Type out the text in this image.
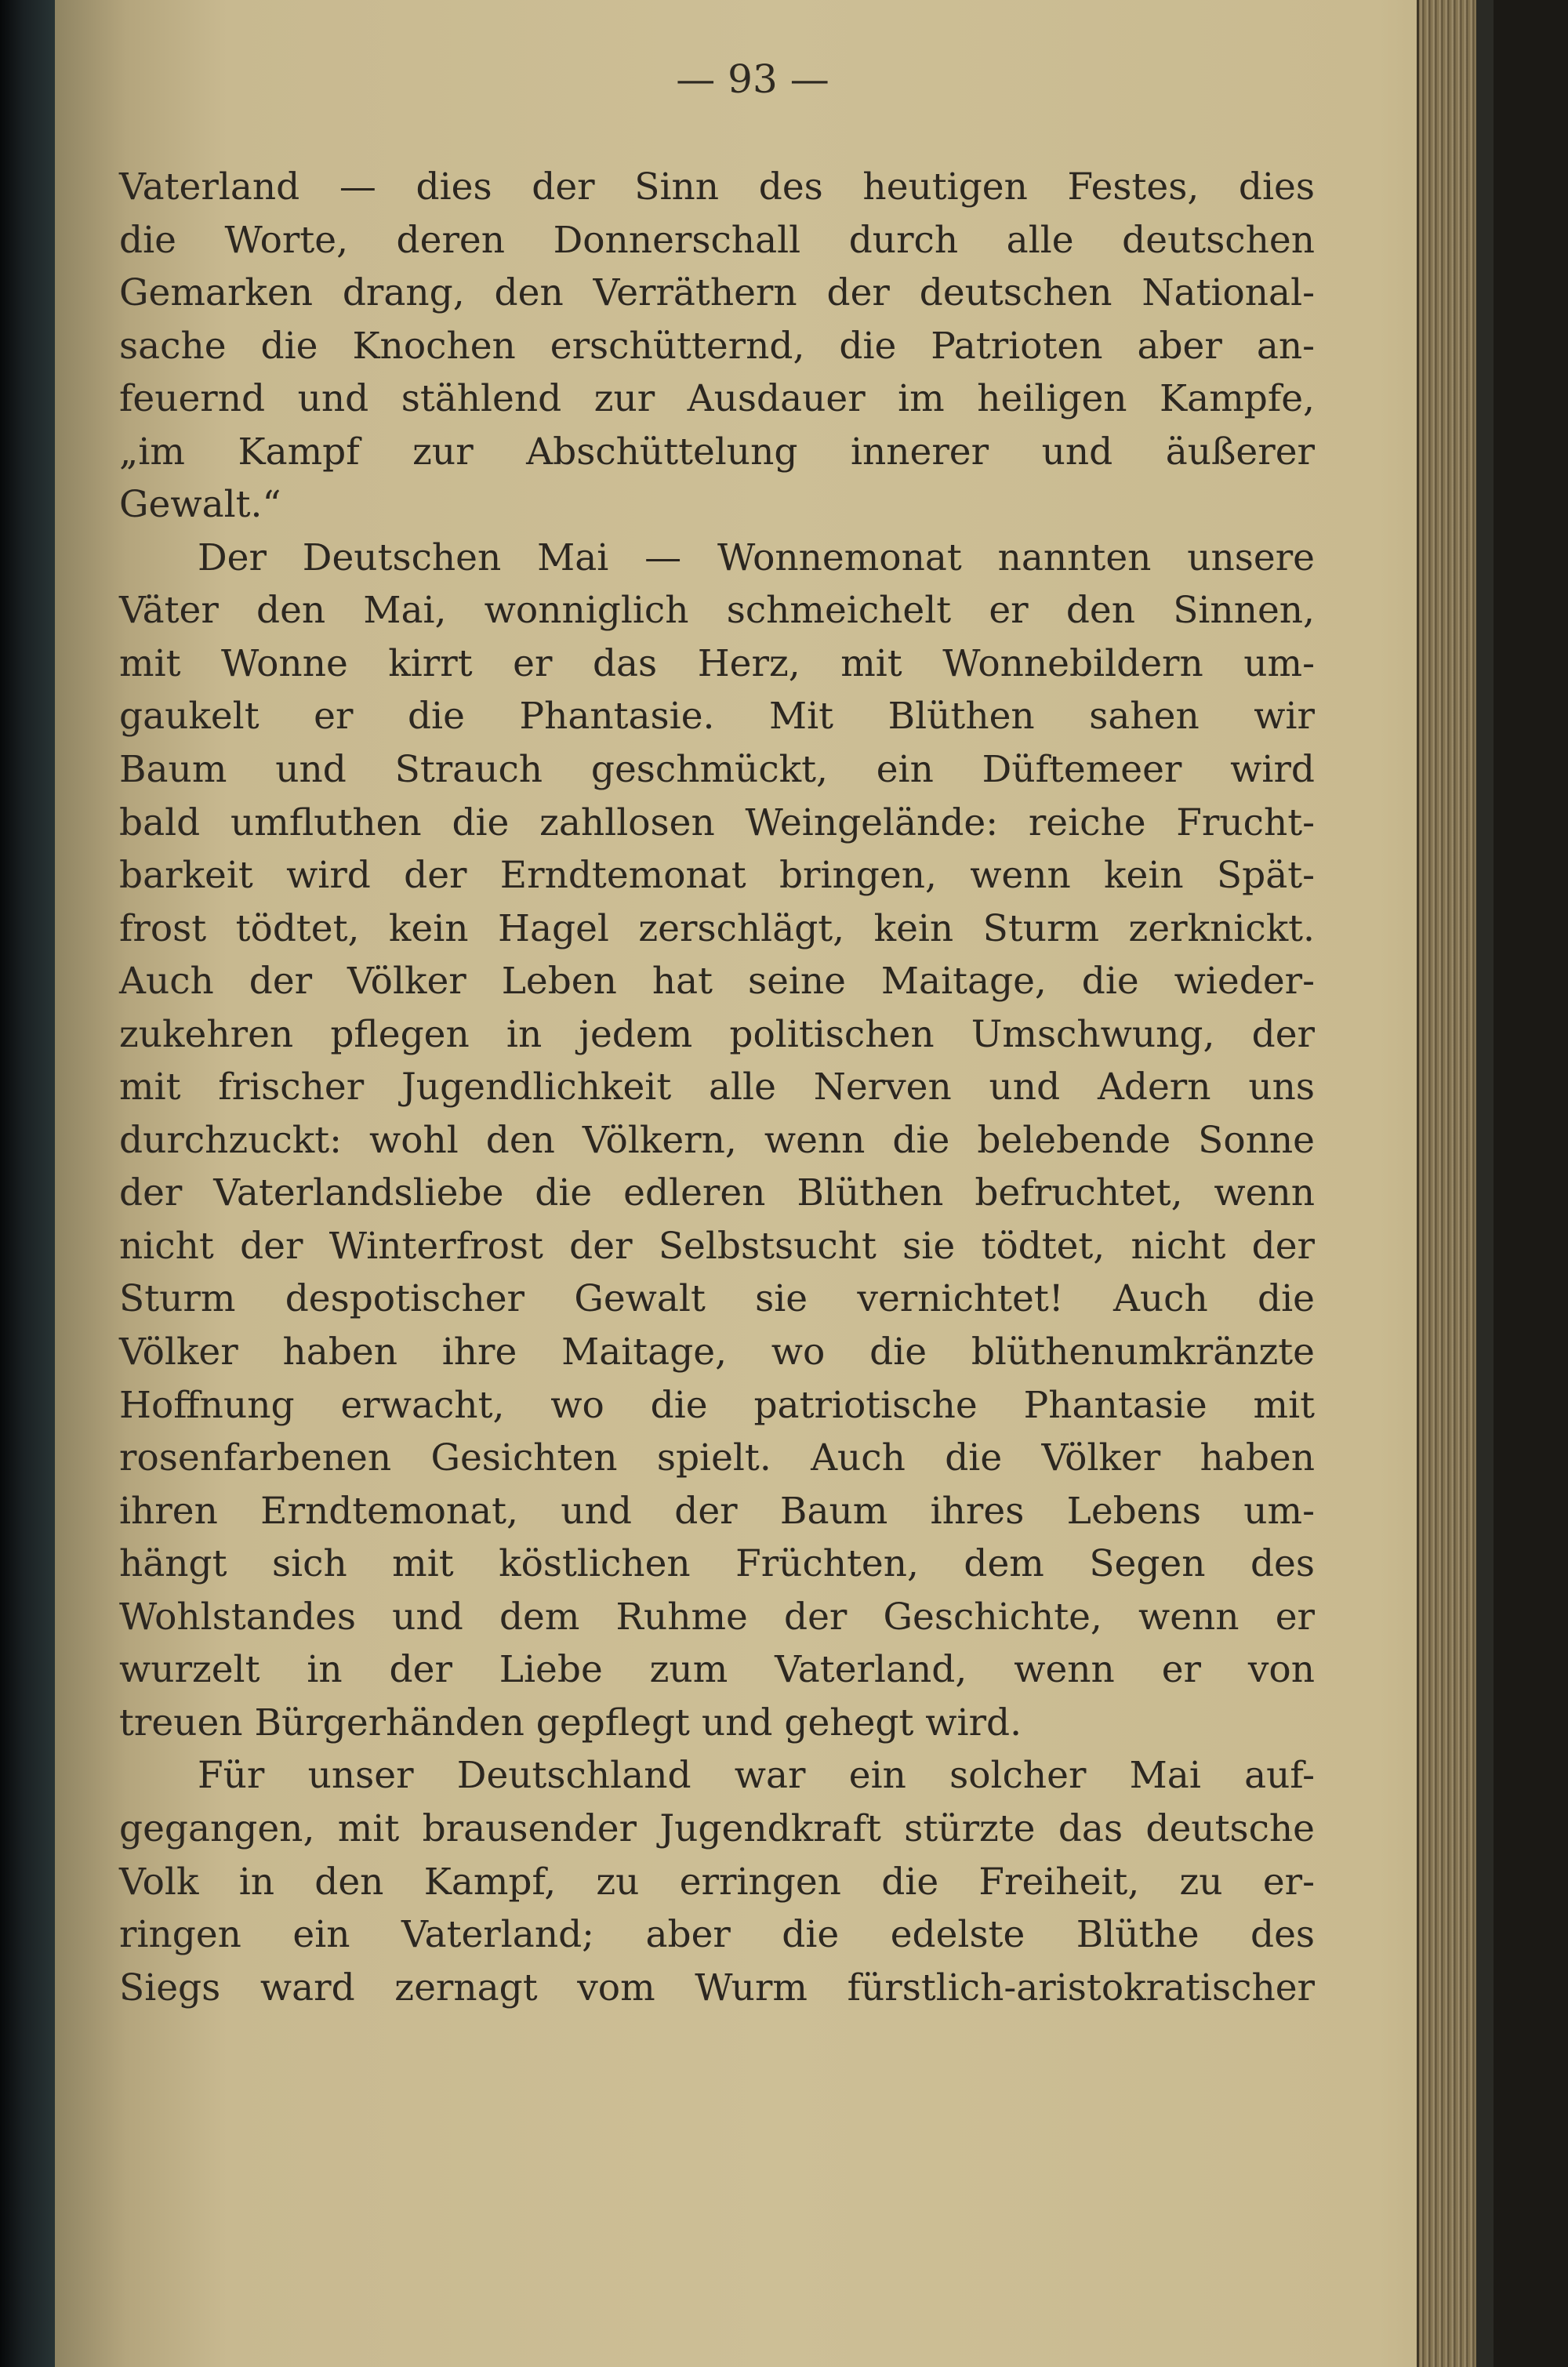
— 93 —

Vaterland — dies der Sinn des heutigen Festes, dies

die Worte, deren Donnerschall durch alle deutschen

Gemarken drang, den Verräthern der deutschen National-

sache die Knochen erschütternd, die Patrioten aber an-

feuernd und stählend zur Ausdauer im heiligen Kampfe,

„im Kampf zur Abschüttelung innerer und äußerer

Gewalt.“

Der Deutschen Mai — Wonnemonat nannten unsere

Väter den Mai, wonniglich schmeichelt er den Sinnen,

mit Wonne kirrt er das Herz, mit Wonnebildern um-

gaukelt er die Phantasie. Mit Blüthen sahen wir

Baum und Strauch geschmückt, ein Düftemeer wird

bald umfluthen die zahllosen Weingelände: reiche Frucht-

barkeit wird der Erndtemonat bringen, wenn kein Spät-

frost tödtet, kein Hagel zerschlägt, kein Sturm zerknickt.

Auch der Völker Leben hat seine Maitage, die wieder-

zukehren pflegen in jedem politischen Umschwung, der

mit frischer Jugendlichkeit alle Nerven und Adern uns

durchzuckt: wohl den Völkern, wenn die belebende Sonne

der Vaterlandsliebe die edleren Blüthen befruchtet, wenn

nicht der Winterfrost der Selbstsucht sie tödtet, nicht der

Sturm despotischer Gewalt sie vernichtet! Auch die

Völker haben ihre Maitage, wo die blüthenumkränzte

Hoffnung erwacht, wo die patriotische Phantasie mit

rosenfarbenen Gesichten spielt. Auch die Völker haben

ihren Erndtemonat, und der Baum ihres Lebens um-

hängt sich mit köstlichen Früchten, dem Segen des

Wohlstandes und dem Ruhme der Geschichte, wenn er

wurzelt in der Liebe zum Vaterland, wenn er von

treuen Bürgerhänden gepflegt und gehegt wird.

Für unser Deutschland war ein solcher Mai auf-

gegangen, mit brausender Jugendkraft stürzte das deutsche

Volk in den Kampf, zu erringen die Freiheit, zu er-

ringen ein Vaterland; aber die edelste Blüthe des

Siegs ward zernagt vom Wurm fürstlich-aristokratischer
